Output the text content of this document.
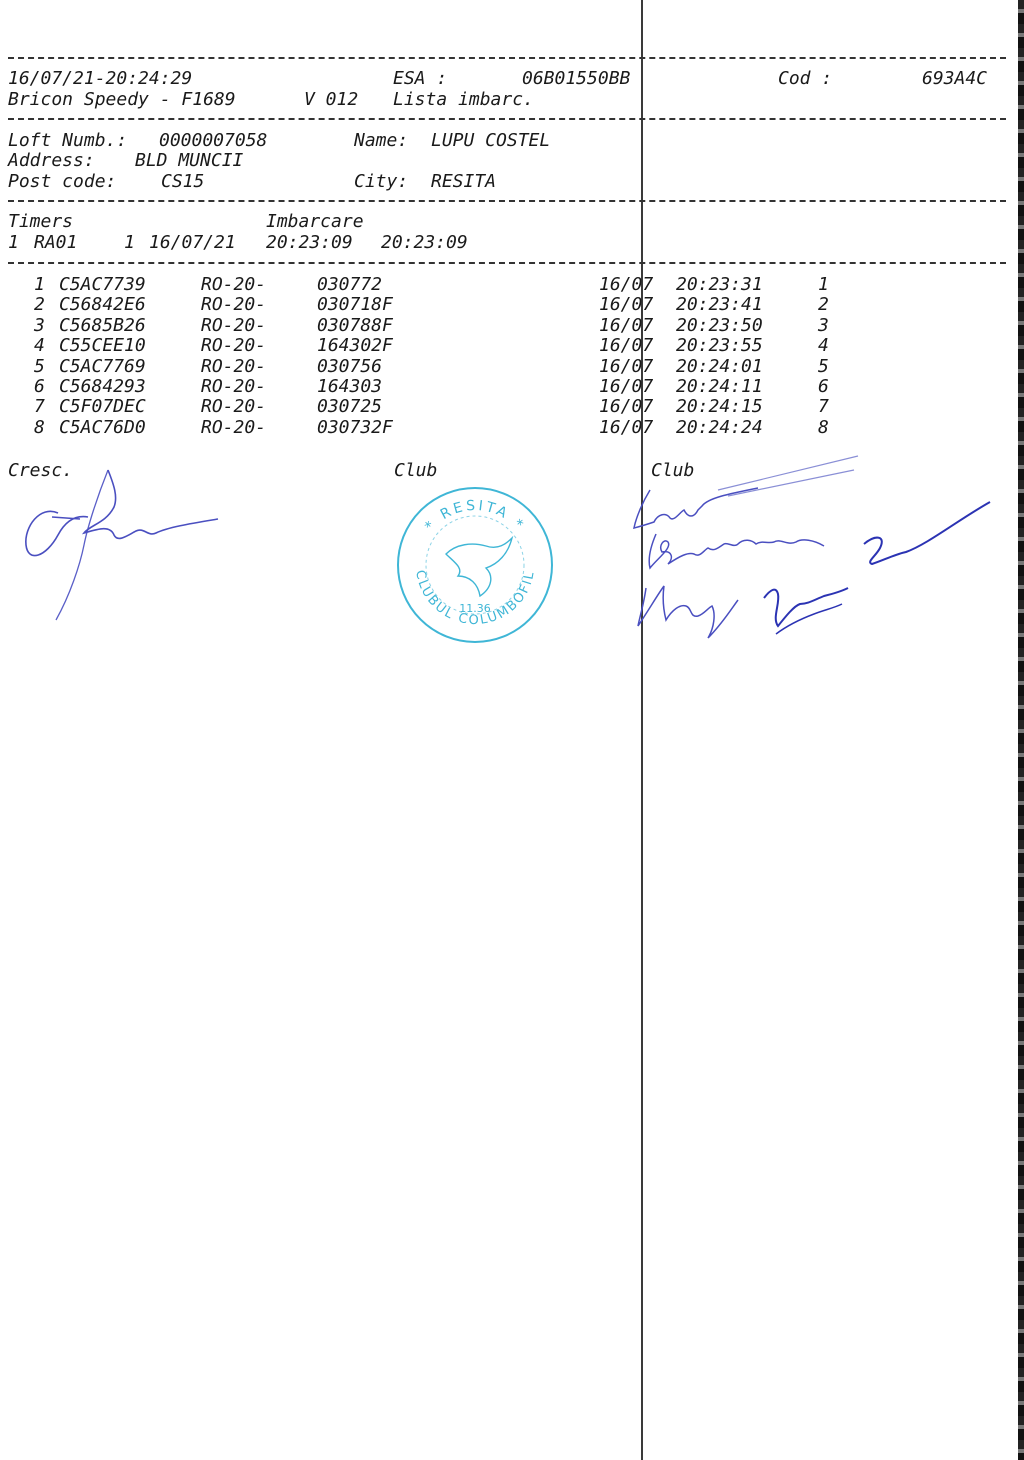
16/07/21-20:24:29	ESA :	06B01550BB	Cod :	693A4C
Bricon Speedy - F1689	V 012 Lista imbarc.
Loft Numb.: 0000007058	Name: LUPU COSTEL
Address: BLD MUNCII
Post code: CS15	City: RESITA
Timers	Imbarcare
1 RA01	1 16/07/21 20:23:09 20:23:09
1 C5AC7739	RO-20-	030772	16/07 20:23:31	1
2 C56842E6	RO-20-	030718F	16/07 20:23:41	2
3 C5685B26	RO-20-	030788F	16/07 20:23:50	3
4 C55CEE10	RO-20-	164302F	16/07 20:23:55	4
5 C5AC7769	RO-20-	030756	16/07 20:24:01	5
6 C5684293	RO-20-	164303	16/07 20:24:11	6
7 C5F07DEC	RO-20-	030725	16/07 20:24:15	7
8 C5AC76D0	RO-20-	030732F	16/07 20:24:24	8
Cresc.	Club	Club
* RESITA *
CLUBUL COLUMBOFIL
11.36
